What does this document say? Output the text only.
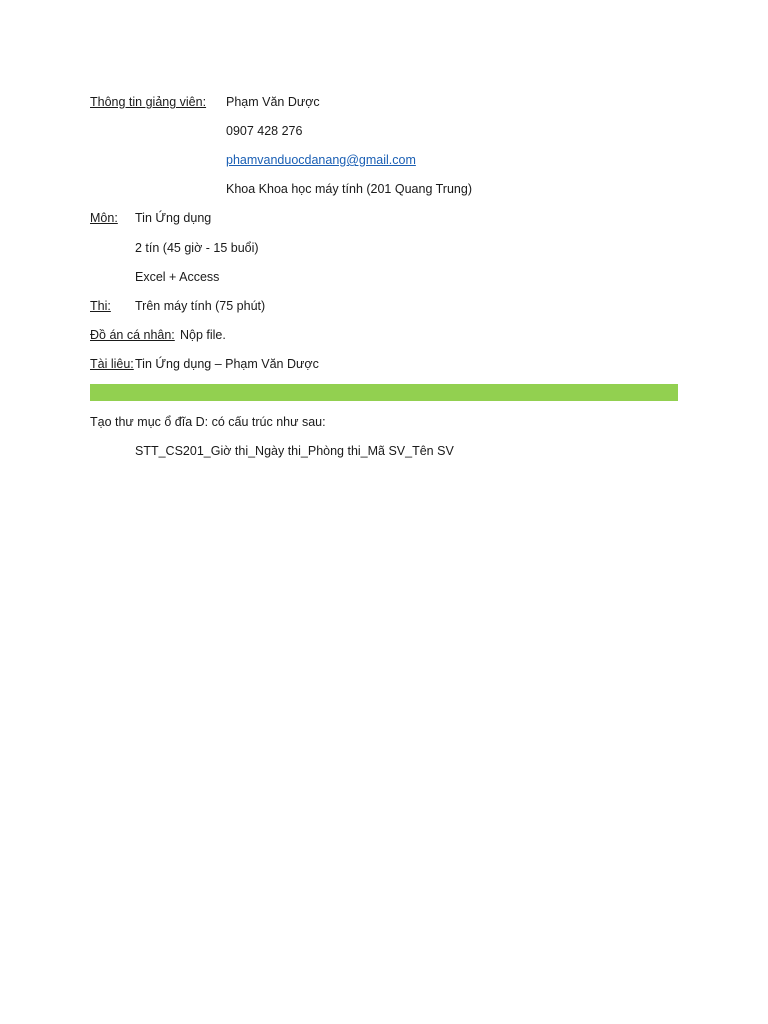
Thông tin giảng viên: Phạm Văn Dược
0907 428 276
phamvanduocdanang@gmail.com
Khoa Khoa học máy tính (201 Quang Trung)
Môn: Tin Ứng dụng
2 tín (45 giờ - 15 buổi)
Excel + Access
Thi: Trên máy tính (75 phút)
Đồ án cá nhân: Nộp file.
Tài liêu: Tin Ứng dụng – Phạm Văn Dược
Tạo thư mục ổ đĩa D: có cấu trúc như sau:
STT_CS201_Giờ thi_Ngày thi_Phòng thi_Mã SV_Tên SV
